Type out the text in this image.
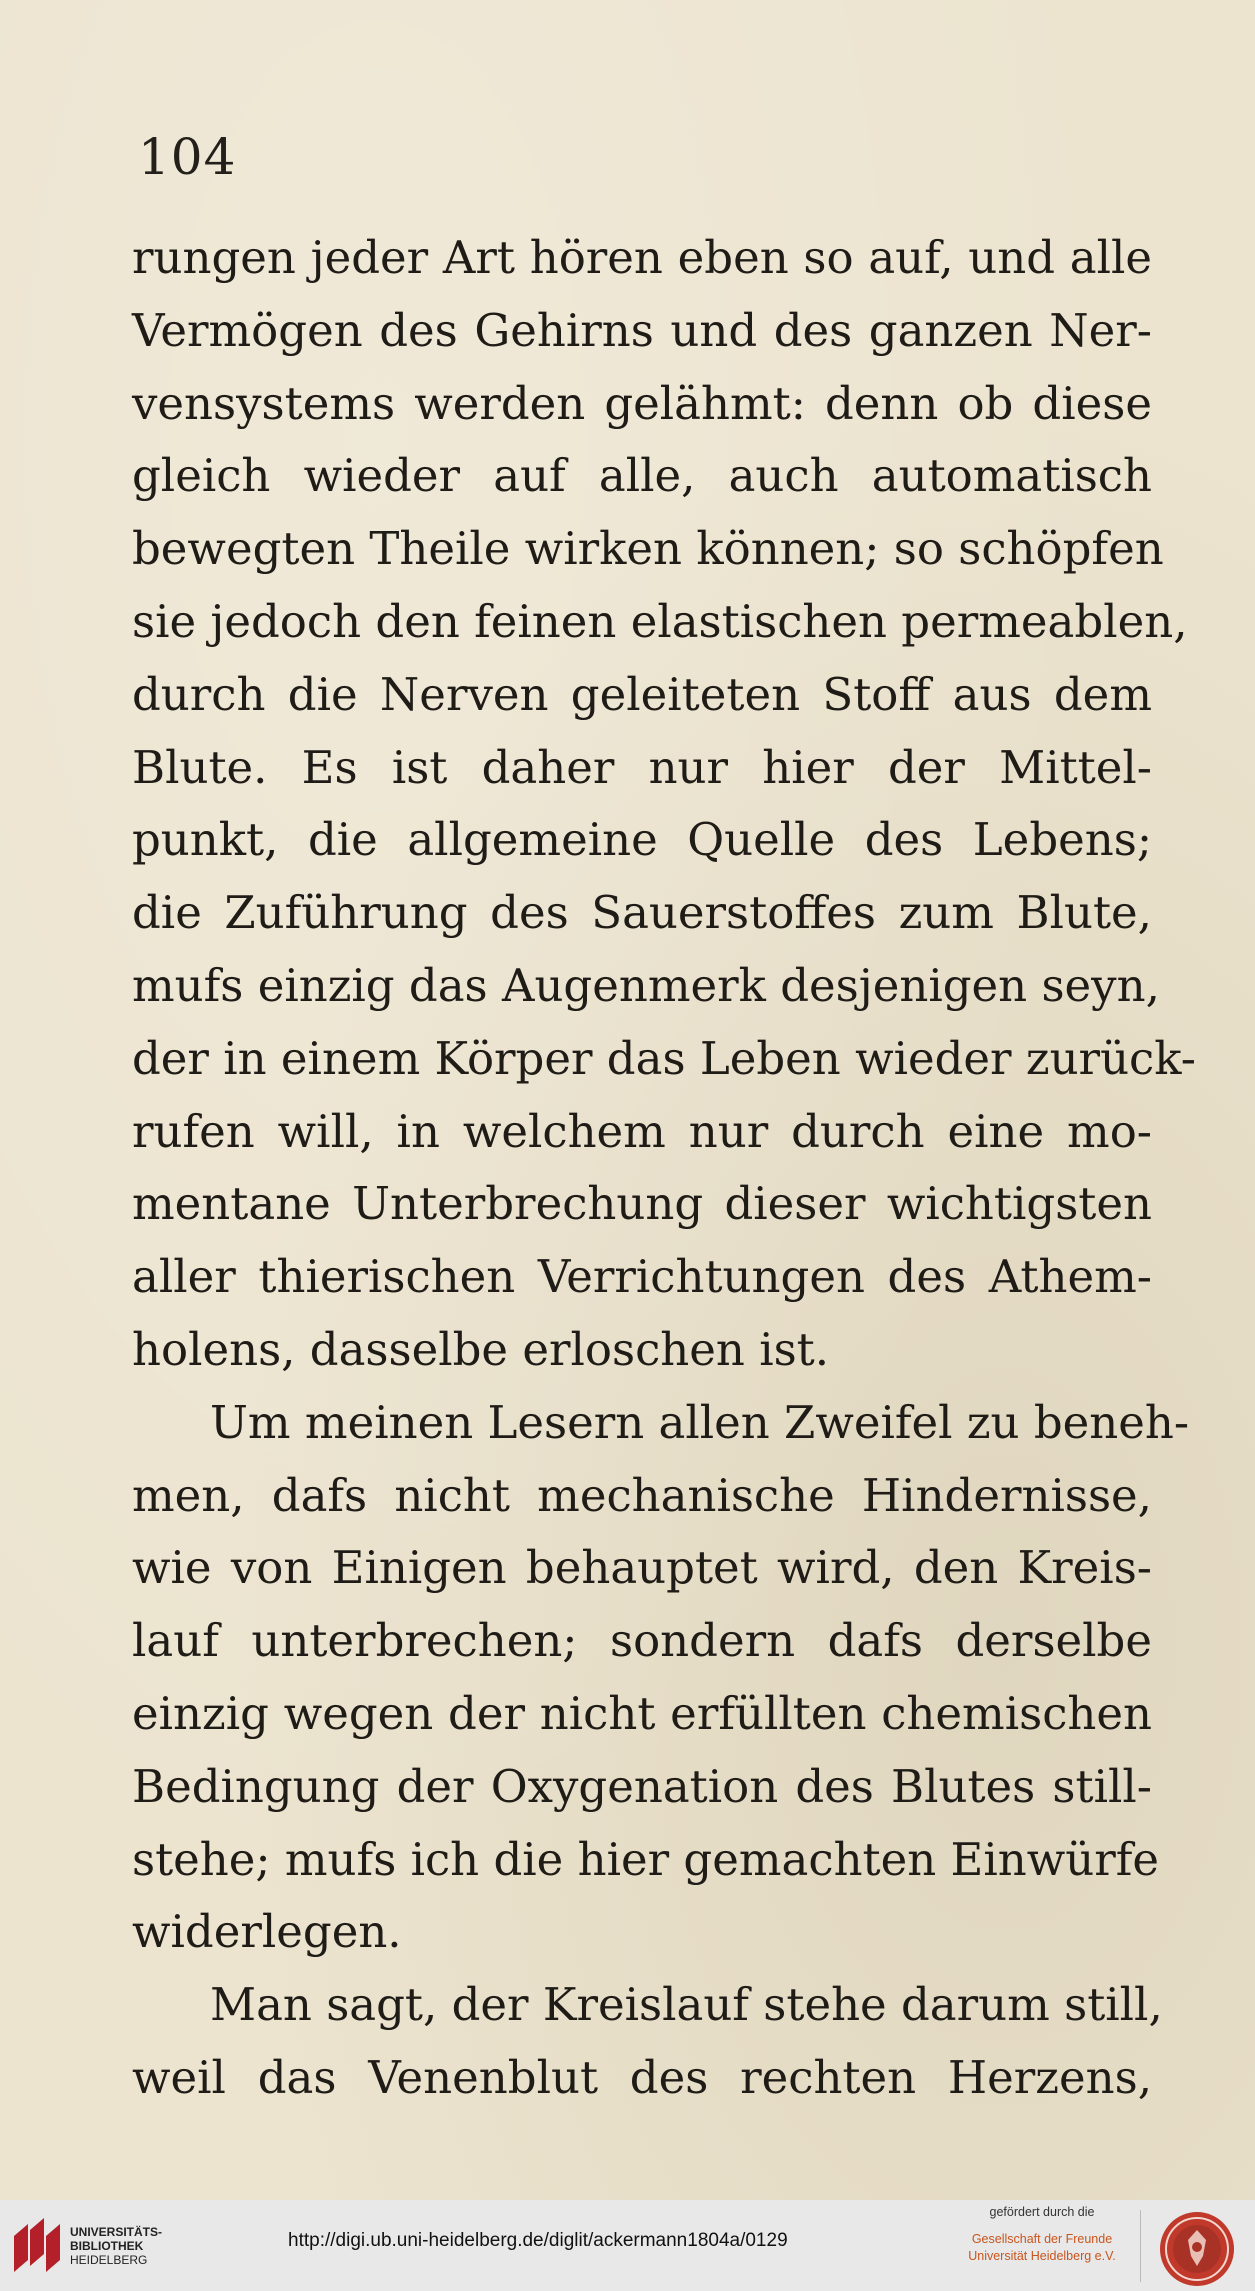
104
rungen jeder Art hören eben so auf, und alle
Vermögen des Gehirns und des ganzen Ner-
vensystems werden gelähmt: denn ob diese
gleich wieder auf alle, auch automatisch
bewegten Theile wirken können; so schöpfen
sie jedoch den feinen elastischen permeablen,
durch die Nerven geleiteten Stoff aus dem
Blute. Es ist daher nur hier der Mittel-
punkt, die allgemeine Quelle des Lebens;
die Zuführung des Sauerstoffes zum Blute,
mufs einzig das Augenmerk desjenigen seyn,
der in einem Körper das Leben wieder zurück-
rufen will, in welchem nur durch eine mo-
mentane Unterbrechung dieser wichtigsten
aller thierischen Verrichtungen des Athem-
holens, dasselbe erloschen ist.
Um meinen Lesern allen Zweifel zu beneh-
men, dafs nicht mechanische Hindernisse,
wie von Einigen behauptet wird, den Kreis-
lauf unterbrechen; sondern dafs derselbe
einzig wegen der nicht erfüllten chemischen
Bedingung der Oxygenation des Blutes still-
stehe; mufs ich die hier gemachten Einwürfe
widerlegen.
Man sagt, der Kreislauf stehe darum still,
weil das Venenblut des rechten Herzens,
UNIVERSITÄTS-
BIBLIOTHEK
HEIDELBERG
http://digi.ub.uni-heidelberg.de/diglit/ackermann1804a/0129
gefördert durch die
Gesellschaft der Freunde
Universität Heidelberg e.V.
